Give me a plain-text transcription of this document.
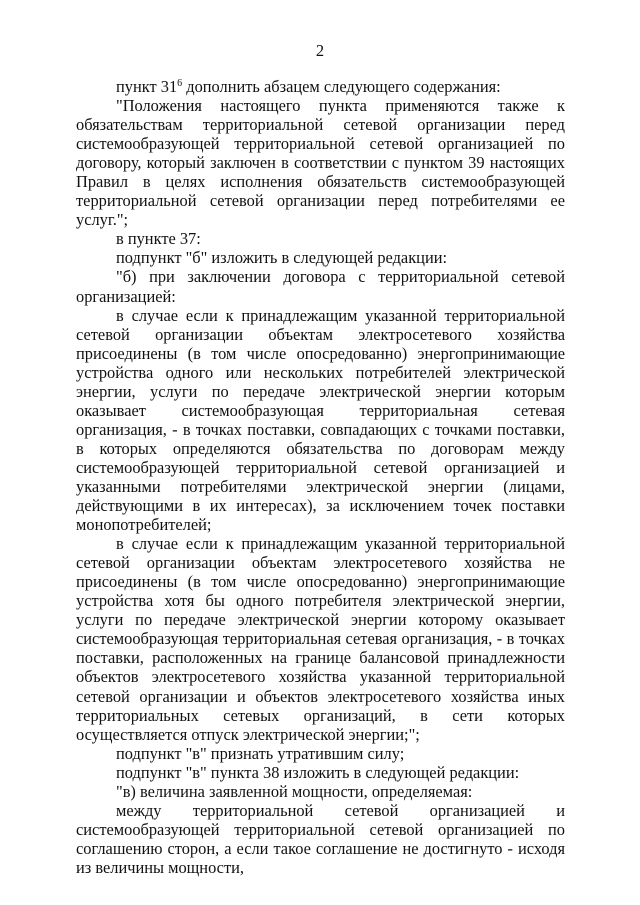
2

пункт $31^6$ дополнить абзацем следующего содержания:

"Положения настоящего пункта применяются также к обязательствам территориальной сетевой организации перед системообразующей территориальной сетевой организацией по договору, который заключен в соответствии с пунктом 39 настоящих Правил в целях исполнения обязательств системообразующей территориальной сетевой организации перед потребителями ее услуг.";

в пункте 37:

подпункт "б" изложить в следующей редакции:

"б) при заключении договора с территориальной сетевой организацией:

в случае если к принадлежащим указанной территориальной сетевой организации объектам электросетевого хозяйства присоединены (в том числе опосредованно) энергопринимающие устройства одного или нескольких потребителей электрической энергии, услуги по передаче электрической энергии которым оказывает системообразующая территориальная сетевая организация, - в точках поставки, совпадающих с точками поставки, в которых определяются обязательства по договорам между системообразующей территориальной сетевой организацией и указанными потребителями электрической энергии (лицами, действующими в их интересах), за исключением точек поставки монопотребителей;

в случае если к принадлежащим указанной территориальной сетевой организации объектам электросетевого хозяйства не присоединены (в том числе опосредованно) энергопринимающие устройства хотя бы одного потребителя электрической энергии, услуги по передаче электрической энергии которому оказывает системообразующая территориальная сетевая организация, - в точках поставки, расположенных на границе балансовой принадлежности объектов электросетевого хозяйства указанной территориальной сетевой организации и объектов электросетевого хозяйства иных территориальных сетевых организаций, в сети которых осуществляется отпуск электрической энергии;";

подпункт "в" признать утратившим силу;

подпункт "в" пункта 38 изложить в следующей редакции:

"в) величина заявленной мощности, определяемая:

между территориальной сетевой организацией и системообразующей территориальной сетевой организацией по соглашению сторон, а если такое соглашение не достигнуто - исходя из величины мощности,
